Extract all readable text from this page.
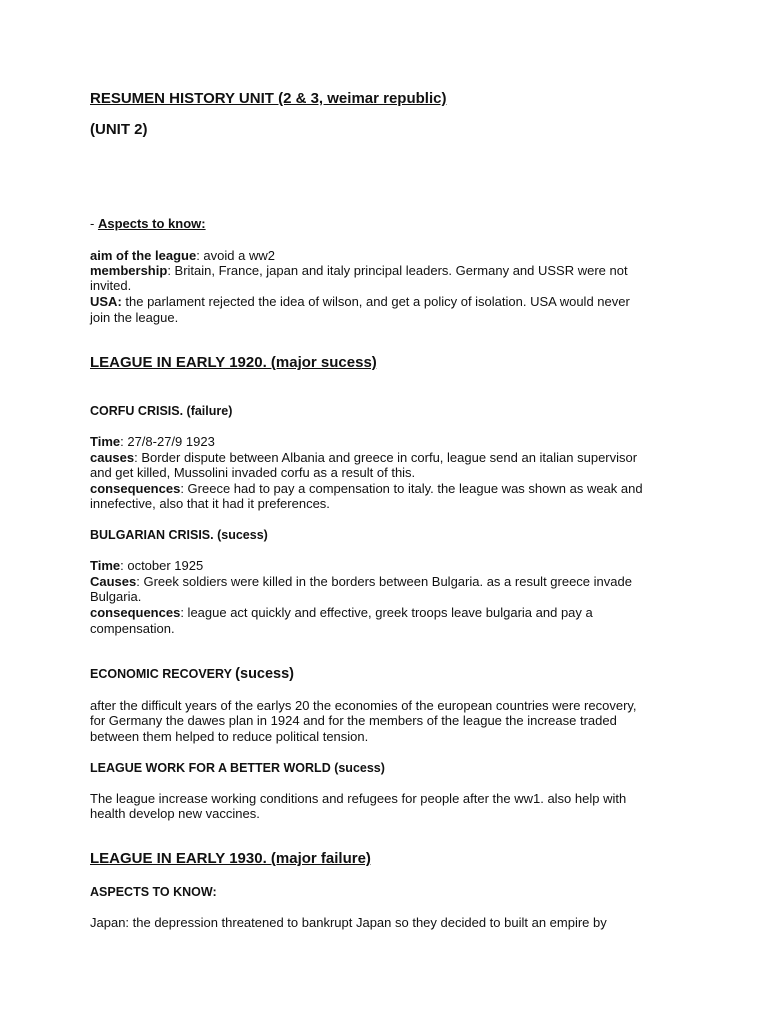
RESUMEN HISTORY UNIT (2 & 3, weimar republic)
(UNIT 2)
- Aspects to know:
aim of the league: avoid a ww2
membership: Britain, France, japan and italy principal leaders. Germany and USSR were not
invited.
USA: the parlament rejected the idea of wilson, and get a policy of isolation. USA would never
join the league.
LEAGUE IN EARLY 1920. (major sucess)
CORFU CRISIS. (failure)
Time: 27/8-27/9 1923
causes: Border dispute between Albania and greece in corfu, league send an italian supervisor
and get killed, Mussolini invaded corfu as a result of this.
consequences: Greece had to pay a compensation to italy. the league was shown as weak and
innefective, also that it had it preferences.
BULGARIAN CRISIS. (sucess)
Time: october 1925
Causes: Greek soldiers were killed in the borders between Bulgaria. as a result greece invade
Bulgaria.
consequences: league act quickly and effective, greek troops leave bulgaria and pay a
compensation.
ECONOMIC RECOVERY (sucess)
after the difficult years of the earlys 20 the economies of the european countries were recovery,
for Germany the dawes plan in 1924 and for the members of the league the increase traded
between them helped to reduce political tension.
LEAGUE WORK FOR A BETTER WORLD (sucess)
The league increase working conditions and refugees for people after the ww1. also help with
health develop new vaccines.
LEAGUE IN EARLY 1930. (major failure)
ASPECTS TO KNOW:
Japan: the depression threatened to bankrupt Japan so they decided to built an empire by
